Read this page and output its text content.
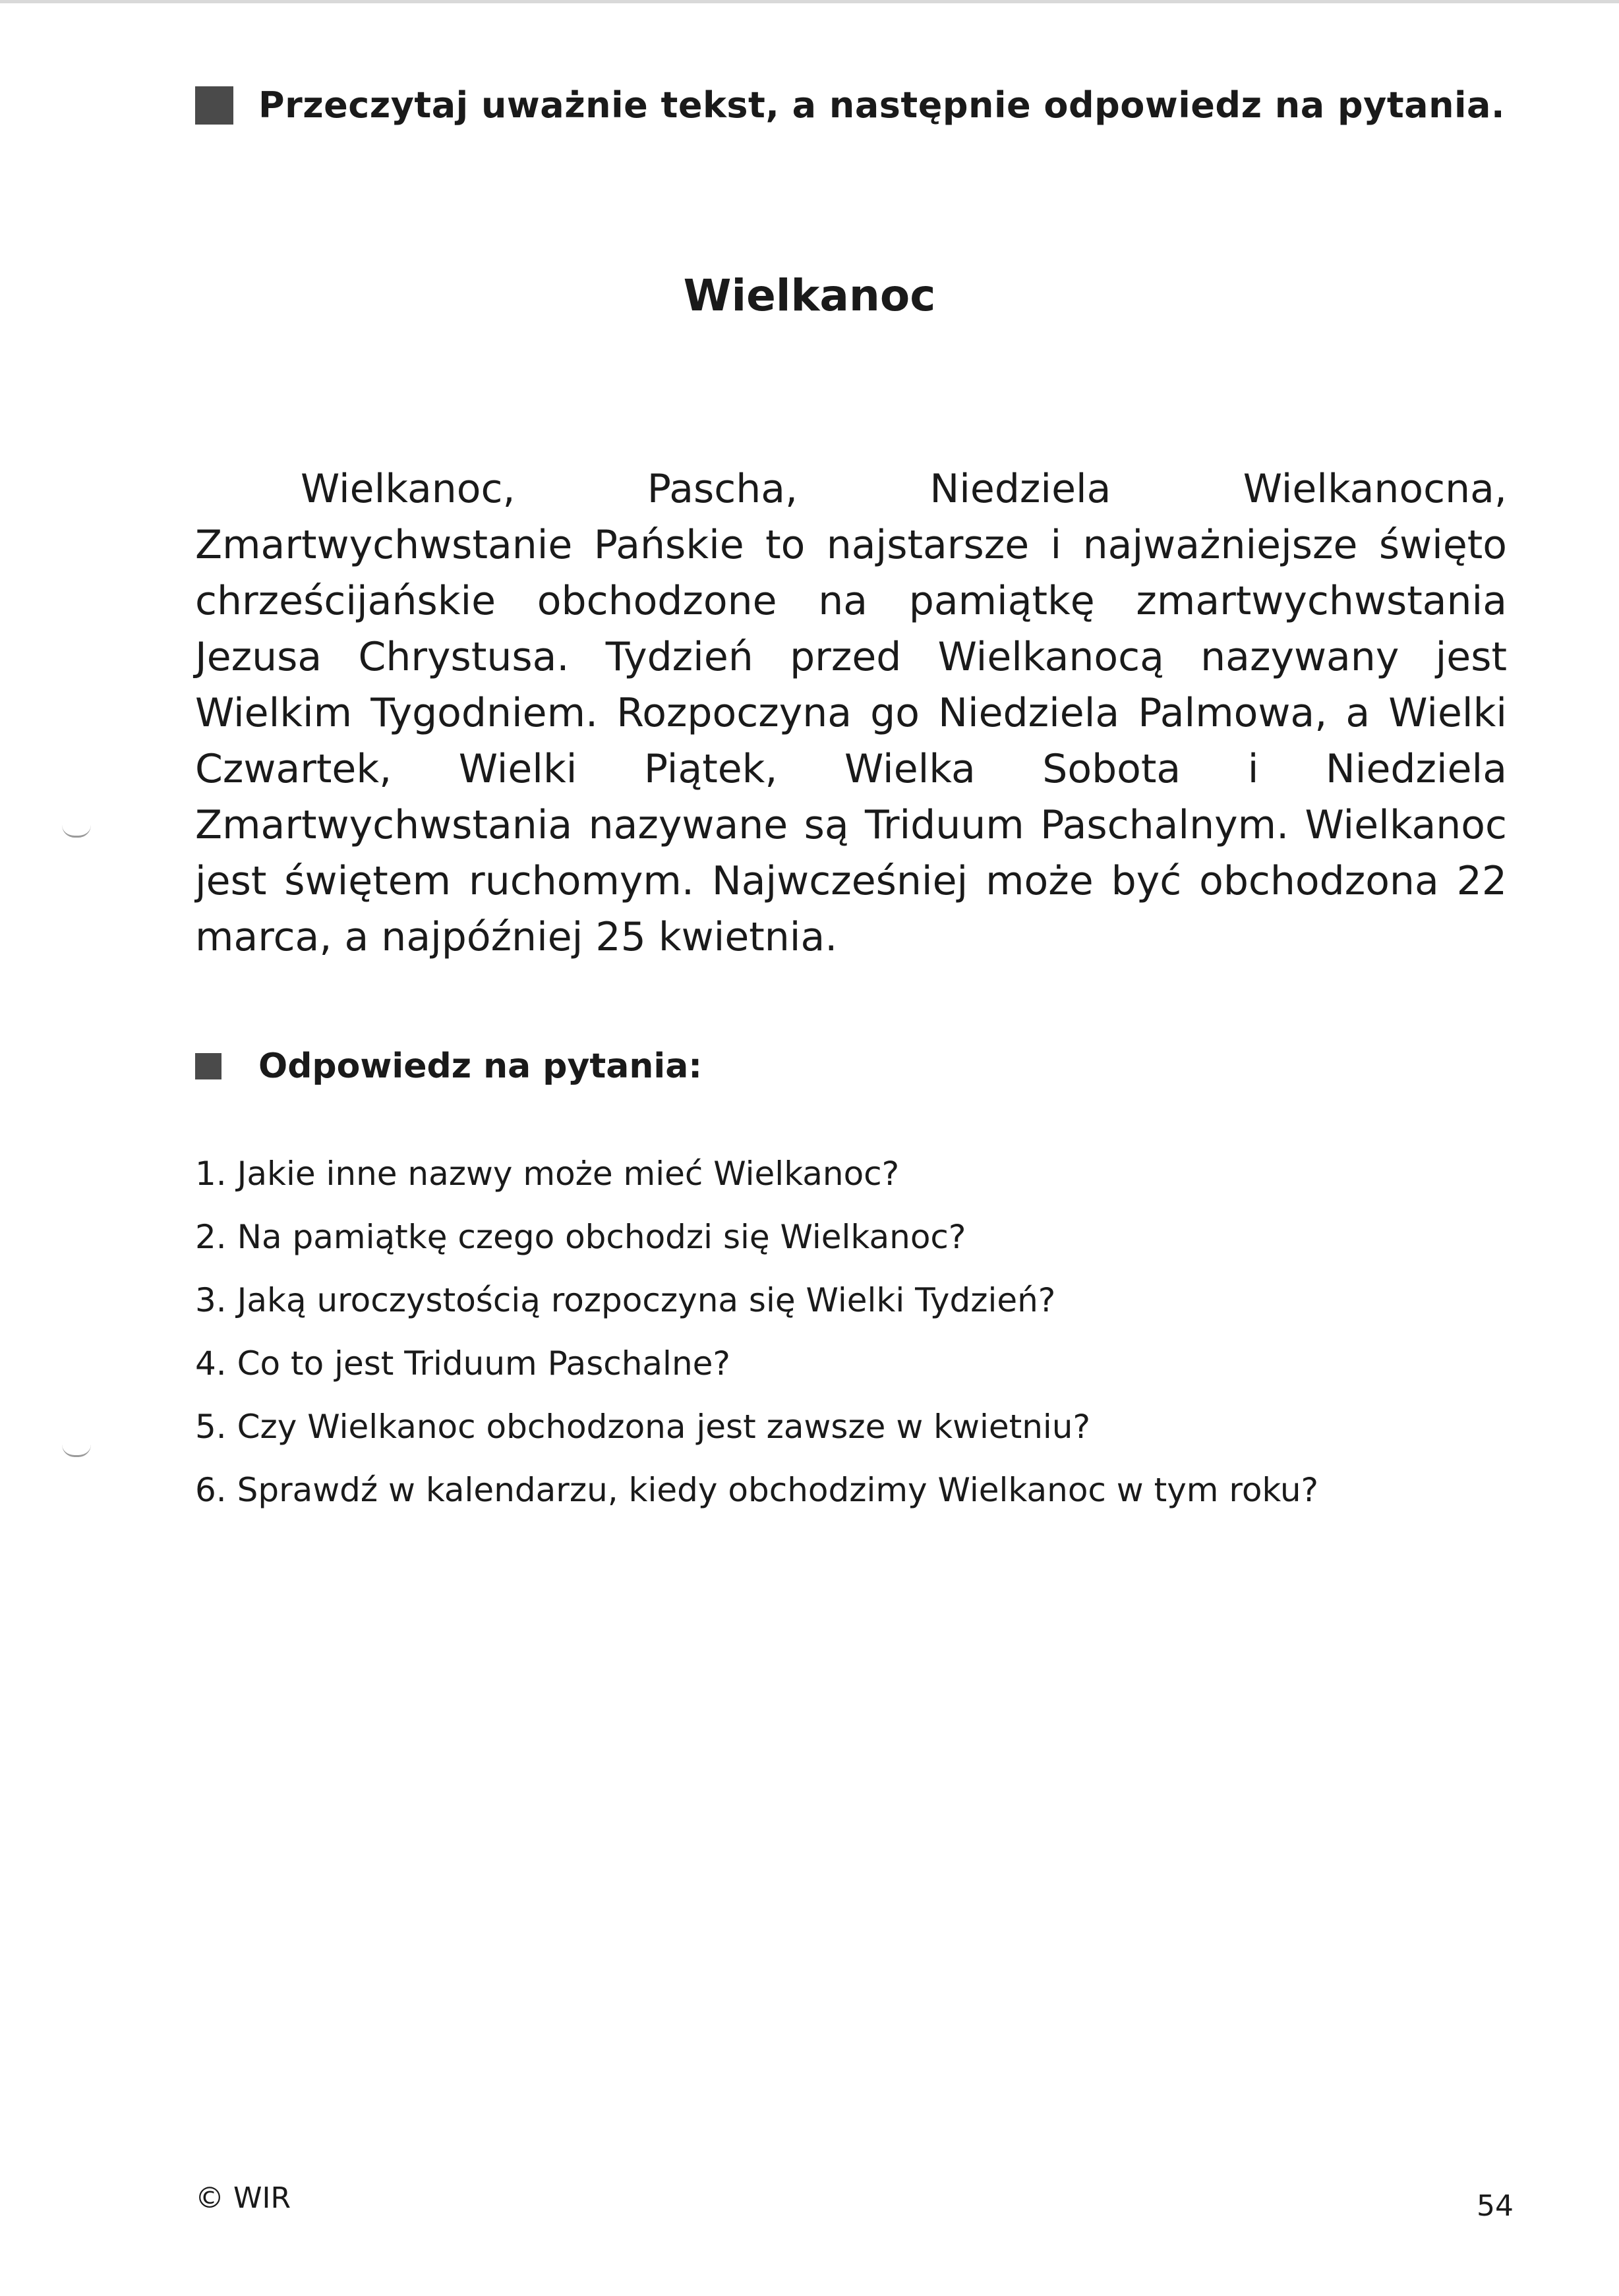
Przeczytaj uważnie tekst, a następnie odpowiedz na pytania.
Wielkanoc

Wielkanoc, Pascha, Niedziela Wielkanocna, Zmartwychwstanie Pańskie to najstarsze i najważniejsze święto chrześcijańskie obchodzone na pamiątkę zmartwychwstania Jezusa Chrystusa. Tydzień przed Wielkanocą nazywany jest Wielkim Tygodniem. Rozpoczyna go Niedziela Palmowa, a Wielki Czwartek, Wielki Piątek, Wielka Sobota i Niedziela Zmartwychwstania nazywane są Triduum Paschalnym. Wielkanoc jest świętem ruchomym. Najwcześniej może być obchodzona 22 marca, a najpóźniej 25 kwietnia.

Odpowiedz na pytania:
1. Jakie inne nazwy może mieć Wielkanoc?
2. Na pamiątkę czego obchodzi się Wielkanoc?
3. Jaką uroczystością rozpoczyna się Wielki Tydzień?
4. Co to jest Triduum Paschalne?
5. Czy Wielkanoc obchodzona jest zawsze w kwietniu?
6. Sprawdź w kalendarzu, kiedy obchodzimy Wielkanoc w tym roku?
© WIR	54
